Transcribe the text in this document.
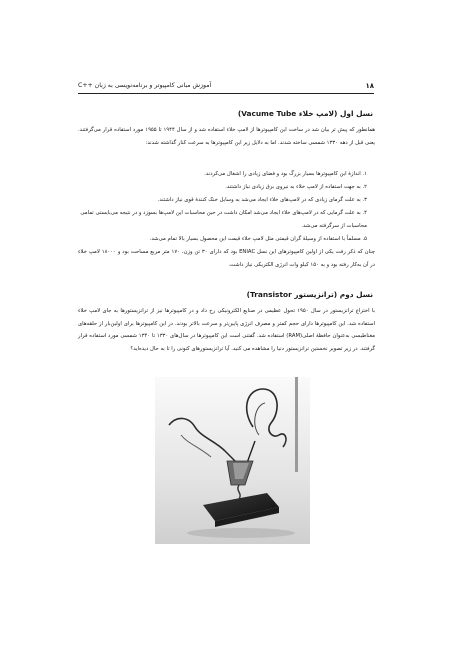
۱۸
آموزش مبانی کامپیوتر و برنامه‌نویسی به زبان ++C
نسل اول (لامپ خلاء Vacume Tube)

همانطور که پیش تر بیان شد در ساخت این کامپیوترها از لامپ خلاء استفاده شد و از سال ۱۹۴۴ تا ۱۹۵۵ مورد استفاده قرار می‌گرفتند. یعنی قبل از دهه ۱۳۳۰ شمسی ساخته شدند. اما به دلایل زیر این کامپیوترها به سرعت کنار گذاشته شدند:

۱. اندازهٔ این کامپیوترها بسیار بزرگ بود و فضای زیادی را اشغال می‌کردند.

۲. به جهت استفاده از لامپ خلاء به نیروی برق زیادی نیاز داشتند.

۳. به علت گرمای زیادی که در لامپ‌های خلاء ایجاد می‌شد به وسایل خنک کنندهٔ قوی نیاز داشتند.

۴. به علت گرمایی که در لامپ‌های خلاء ایجاد می‌شد امکان داشت در حین محاسبات این لامپ‌ها بسوزد و در نتیجه می‌بایستی تمامی محاسبات از سرگرفته می‌شد.

۵. مسلماً با استفاده از وسیلهٔ گران قیمتی مثل لامپ خلاء قیمت این محصول بسیار بالا تمام می‌شد.

چنان که ذکر رفت یکی از اولین کامپیوترهای این نسل ENIAC بود که دارای ۳۰ تن وزن، ۱۷۰ متر مربع مساحت بود و ۱۸۰۰۰ لامپ خلاء در آن به‌کار رفته بود و به ۱۵۰ کیلو وات انرژی الکتریکی نیاز داشت.

نسل دوم (ترانزیستور Transistor)

با اختراع ترانزیستور در سال ۱۹۵۰ تحول عظیمی در صنایع الکترونیکی رخ داد و در کامپیوترها نیز از ترانزیستورها به جای لامپ خلاء استفاده شد. این کامپیوترها دارای حجم کمتر و مصرف انرژی پایین‌تر و سرعت بالاتر بودند. در این کامپیوترها برای اولین‌بار از حلقه‌های مغناطیسی به‌عنوان حافظهٔ اصلی(RAM) استفاده شد. گفتنی است این کامپیوترها در سال‌های ۱۳۳۰ تا ۱۳۴۰ شمسی مورد استفاده قرار گرفتند. در زیر تصویر نخستین ترانزیستور دنیا را مشاهده می کنید. آیا ترانزیستورهای کنونی را تا به حال دیده‌اید؟
